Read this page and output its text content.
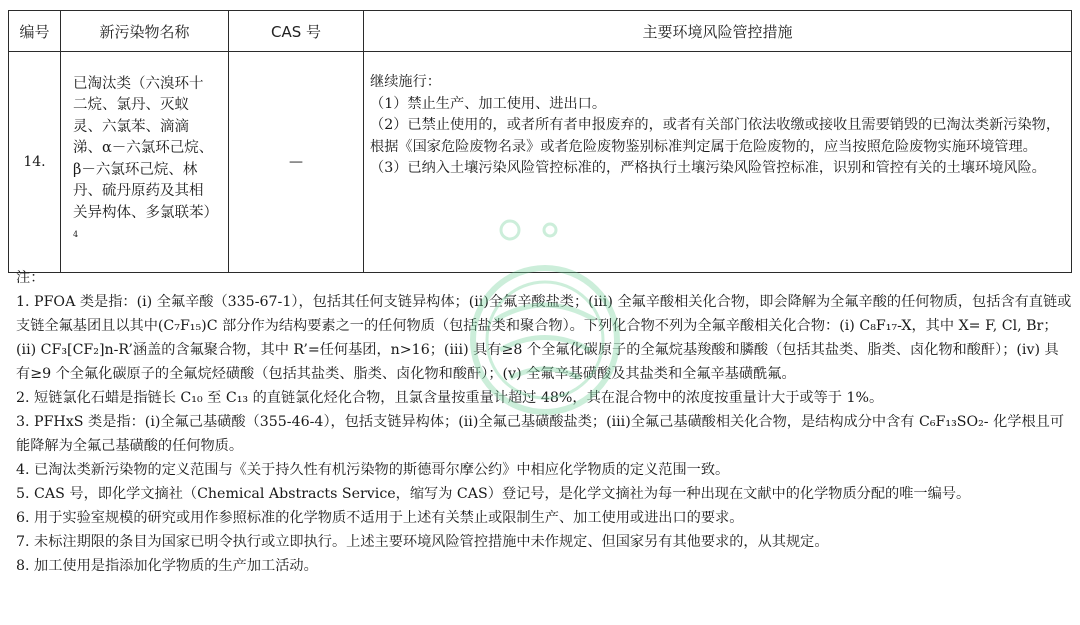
编号	新污染物名称	CAS 号	主要环境风险管控措施
14.	已淘汰类（六溴环十二烷、氯丹、灭蚁灵、六氯苯、滴滴涕、α－六氯环己烷、β－六氯环己烷、林丹、硫丹原药及其相关异构体、多氯联苯）$^4$	—	继续施行：

（1）禁止生产、加工使用、进出口。

（2）已禁止使用的，或者所有者申报废弃的，或者有关部门依法收缴或接收且需要销毁的已淘汰类新污染物，根据《国家危险废物名录》或者危险废物鉴别标准判定属于危险废物的，应当按照危险废物实施环境管理。

（3）已纳入土壤污染风险管控标准的，严格执行土壤污染风险管控标准，识别和管控有关的土壤环境风险。

注：

1. PFOA 类是指：(i) 全氟辛酸（335-67-1），包括其任何支链异构体；(ii)全氟辛酸盐类；(iii) 全氟辛酸相关化合物，即会降解为全氟辛酸的任何物质，包括含有直链或支链全氟基团且以其中(C₇F₁₅)C 部分作为结构要素之一的任何物质（包括盐类和聚合物）。下列化合物不列为全氟辛酸相关化合物：(i) C₈F₁₇-X，其中 X= F, Cl, Br；(ii) CF₃[CF₂]n-R’涵盖的含氟聚合物，其中 R’=任何基团，n>16；(iii) 具有≥8 个全氟化碳原子的全氟烷基羧酸和膦酸（包括其盐类、脂类、卤化物和酸酐）；(iv) 具有≥9 个全氟化碳原子的全氟烷烃磺酸（包括其盐类、脂类、卤化物和酸酐）；(v) 全氟辛基磺酸及其盐类和全氟辛基磺酰氟。

2. 短链氯化石蜡是指链长 C₁₀ 至 C₁₃ 的直链氯化烃化合物，且氯含量按重量计超过 48%，其在混合物中的浓度按重量计大于或等于 1%。

3. PFHxS 类是指：(i)全氟己基磺酸（355-46-4），包括支链异构体；(ii)全氟己基磺酸盐类；(iii)全氟己基磺酸相关化合物，是结构成分中含有 C₆F₁₃SO₂- 化学根且可能降解为全氟己基磺酸的任何物质。

4. 已淘汰类新污染物的定义范围与《关于持久性有机污染物的斯德哥尔摩公约》中相应化学物质的定义范围一致。

5. CAS 号，即化学文摘社（Chemical Abstracts Service，缩写为 CAS）登记号，是化学文摘社为每一种出现在文献中的化学物质分配的唯一编号。

6. 用于实验室规模的研究或用作参照标准的化学物质不适用于上述有关禁止或限制生产、加工使用或进出口的要求。

7. 未标注期限的条目为国家已明令执行或立即执行。上述主要环境风险管控措施中未作规定、但国家另有其他要求的，从其规定。

8. 加工使用是指添加化学物质的生产加工活动。
